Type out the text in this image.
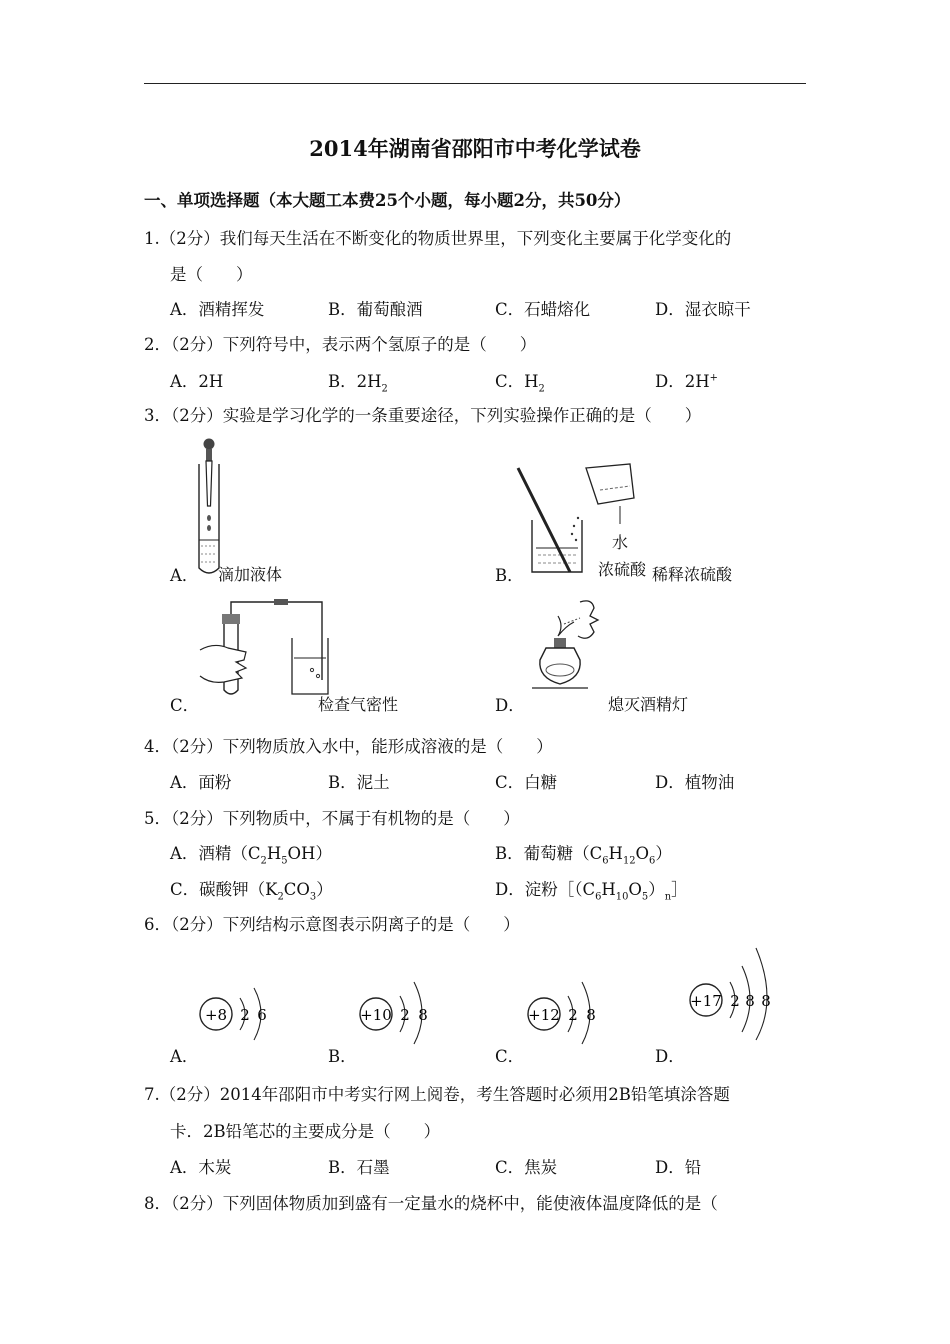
2014年湖南省邵阳市中考化学试卷
一、单项选择题（本大题工本费25个小题，每小题2分，共50分）
1.（2分）我们每天生活在不断变化的物质世界里，下列变化主要属于化学变化的
是（　　）
A．酒精挥发	B．葡萄酿酒	C．石蜡熔化	D．湿衣晾干
2．（2分）下列符号中，表示两个氢原子的是（　　）
A．2H	B．$2H_2$	C．$H_2$	D．2H+
3．（2分）实验是学习化学的一条重要途径，下列实验操作正确的是（　　）
A． 滴加液体
水
浓硫酸
B．	稀释浓硫酸
C．	检查气密性	D．	熄灭酒精灯
4．（2分）下列物质放入水中，能形成溶液的是（　　）
A．面粉	B．泥土	C．白糖	D．植物油
5．（2分）下列物质中，不属于有机物的是（　　）
A．酒精$(C_2H_5OH)$	B．葡萄糖$(C_6H_{12}O_6)$
C．碳酸钾$(K_2CO_3)$	D．淀粉$[(C_6H_{10}O_5)_n]$
6．（2分）下列结构示意图表示阴离子的是（　　）
+8 2 6	+10 2 8	+12 2 8
+17 2 8 8
A．	B．	C．	D．
7.（2分）2014年邵阳市中考实行网上阅卷，考生答题时必须用2B铅笔填涂答题
卡．2B铅笔芯的主要成分是（　　）
A．木炭	B．石墨	C．焦炭	D．铅
8．（2分）下列固体物质加到盛有一定量水的烧杯中，能使液体温度降低的是（
